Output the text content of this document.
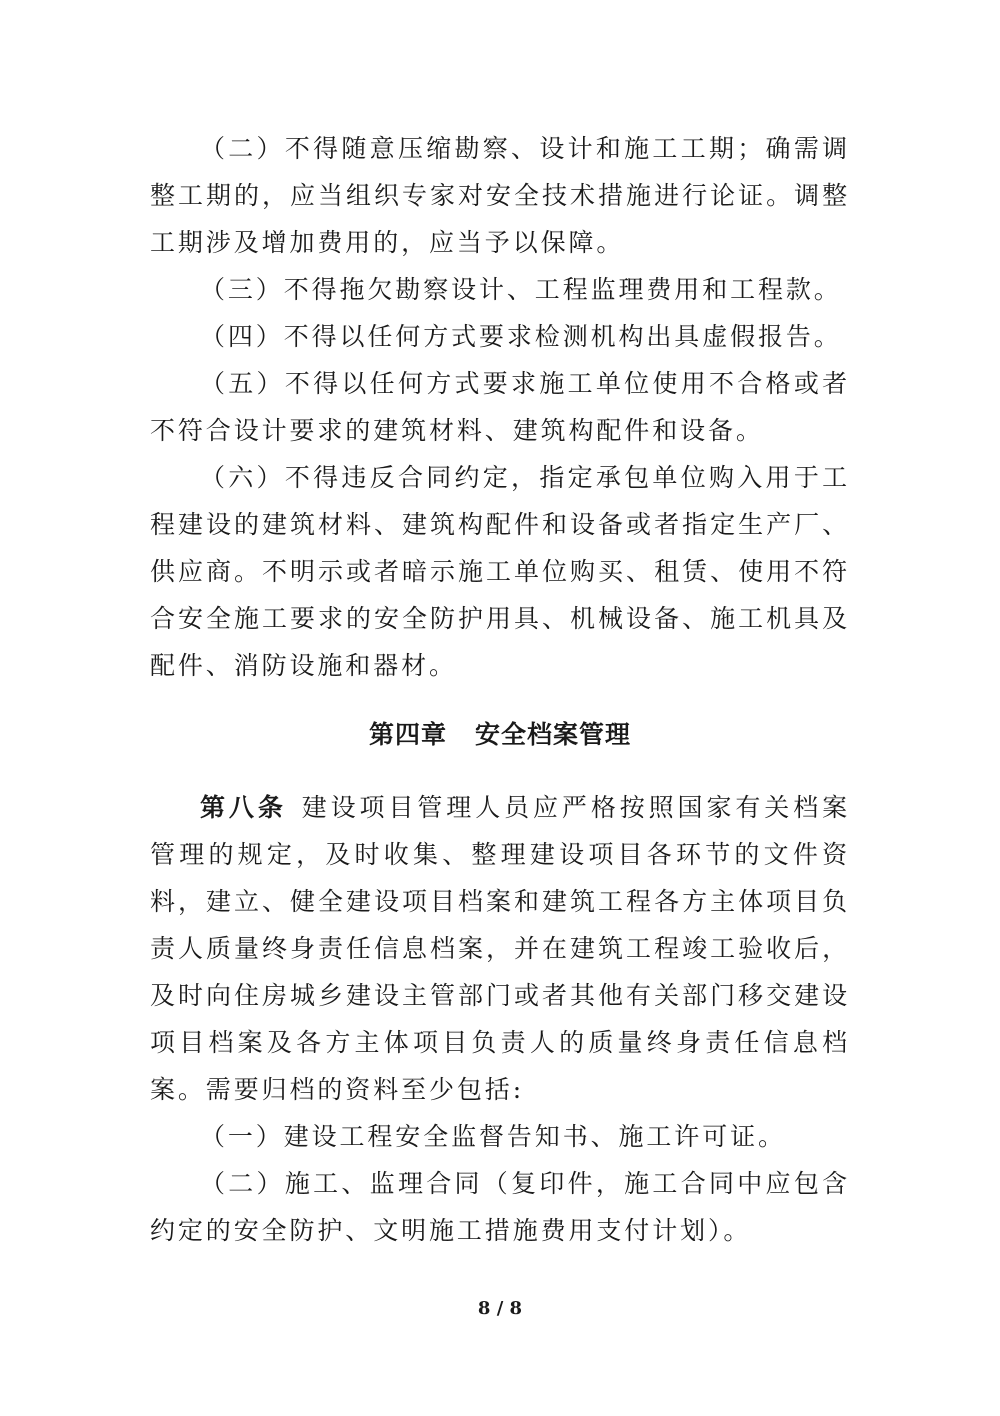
（二）不得随意压缩勘察、设计和施工工期；确需调整工期的，应当组织专家对安全技术措施进行论证。调整工期涉及增加费用的，应当予以保障。

（三）不得拖欠勘察设计、工程监理费用和工程款。

（四）不得以任何方式要求检测机构出具虚假报告。

（五）不得以任何方式要求施工单位使用不合格或者不符合设计要求的建筑材料、建筑构配件和设备。

（六）不得违反合同约定，指定承包单位购入用于工程建设的建筑材料、建筑构配件和设备或者指定生产厂、供应商。不明示或者暗示施工单位购买、租赁、使用不符合安全施工要求的安全防护用具、机械设备、施工机具及配件、消防设施和器材。

第四章 安全档案管理

第八条 建设项目管理人员应严格按照国家有关档案管理的规定，及时收集、整理建设项目各环节的文件资料，建立、健全建设项目档案和建筑工程各方主体项目负责人质量终身责任信息档案，并在建筑工程竣工验收后，及时向住房城乡建设主管部门或者其他有关部门移交建设项目档案及各方主体项目负责人的质量终身责任信息档案。需要归档的资料至少包括:

（一）建设工程安全监督告知书、施工许可证。

（二）施工、监理合同（复印件，施工合同中应包含约定的安全防护、文明施工措施费用支付计划）。

8 / 8
